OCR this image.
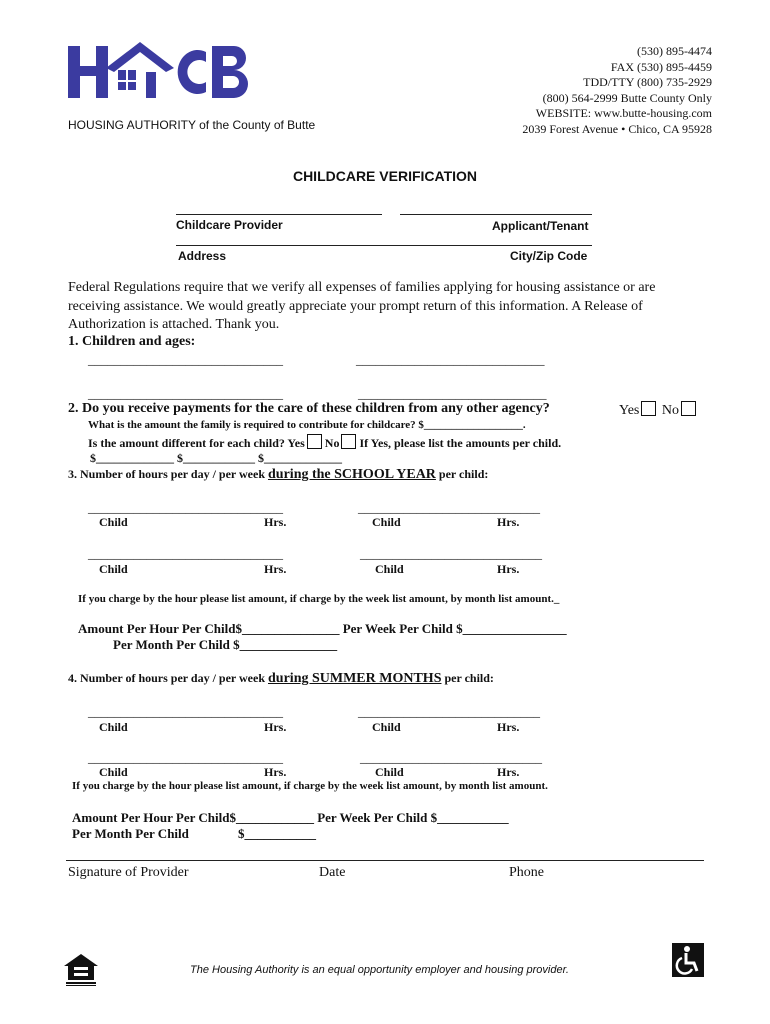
HOUSING AUTHORITY of the County of Butte
(530) 895-4474
FAX (530) 895-4459
TDD/TTY (800) 735-2929
(800) 564-2999 Butte County Only
WEBSITE: www.butte-housing.com
2039 Forest Avenue • Chico, CA 95928
CHILDCARE VERIFICATION
Childcare Provider	Applicant/Tenant
Address	City/Zip Code
Federal Regulations require that we verify all expenses of families applying for housing assistance or are
receiving assistance. We would greatly appreciate your prompt return of this information. A Release of
Authorization is attached. Thank you.
1. Children and ages:
______________________________	_____________________________
______________________________	_____________________________
2. Do you receive payments for the care of these children from any other agency?	Yes No
What is the amount the family is required to contribute for childcare? $__________________.
Is the amount different for each child? Yes No If Yes, please list the amounts per child.
$_____________ $____________ $_____________
3. Number of hours per day / per week during the SCHOOL YEAR per child:
______________________________	____________________________
Child	Hrs.	Child	Hrs.
______________________________	____________________________
Child	Hrs.	Child	Hrs.
If you charge by the hour please list amount, if charge by the week list amount, by month list amount._
Amount Per Hour Per Child$_______________ Per Week Per Child $________________
Per Month Per Child $_______________
4. Number of hours per day / per week during SUMMER MONTHS per child:
______________________________	____________________________
Child	Hrs.	Child	Hrs.
______________________________	____________________________
Child	Hrs.	Child	Hrs.
If you charge by the hour please list amount, if charge by the week list amount, by month list amount.
Amount Per Hour Per Child$____________ Per Week Per Child $___________
Per Month Per Child	$___________
Signature of Provider	Date	Phone
The Housing Authority is an equal opportunity employer and housing provider.
